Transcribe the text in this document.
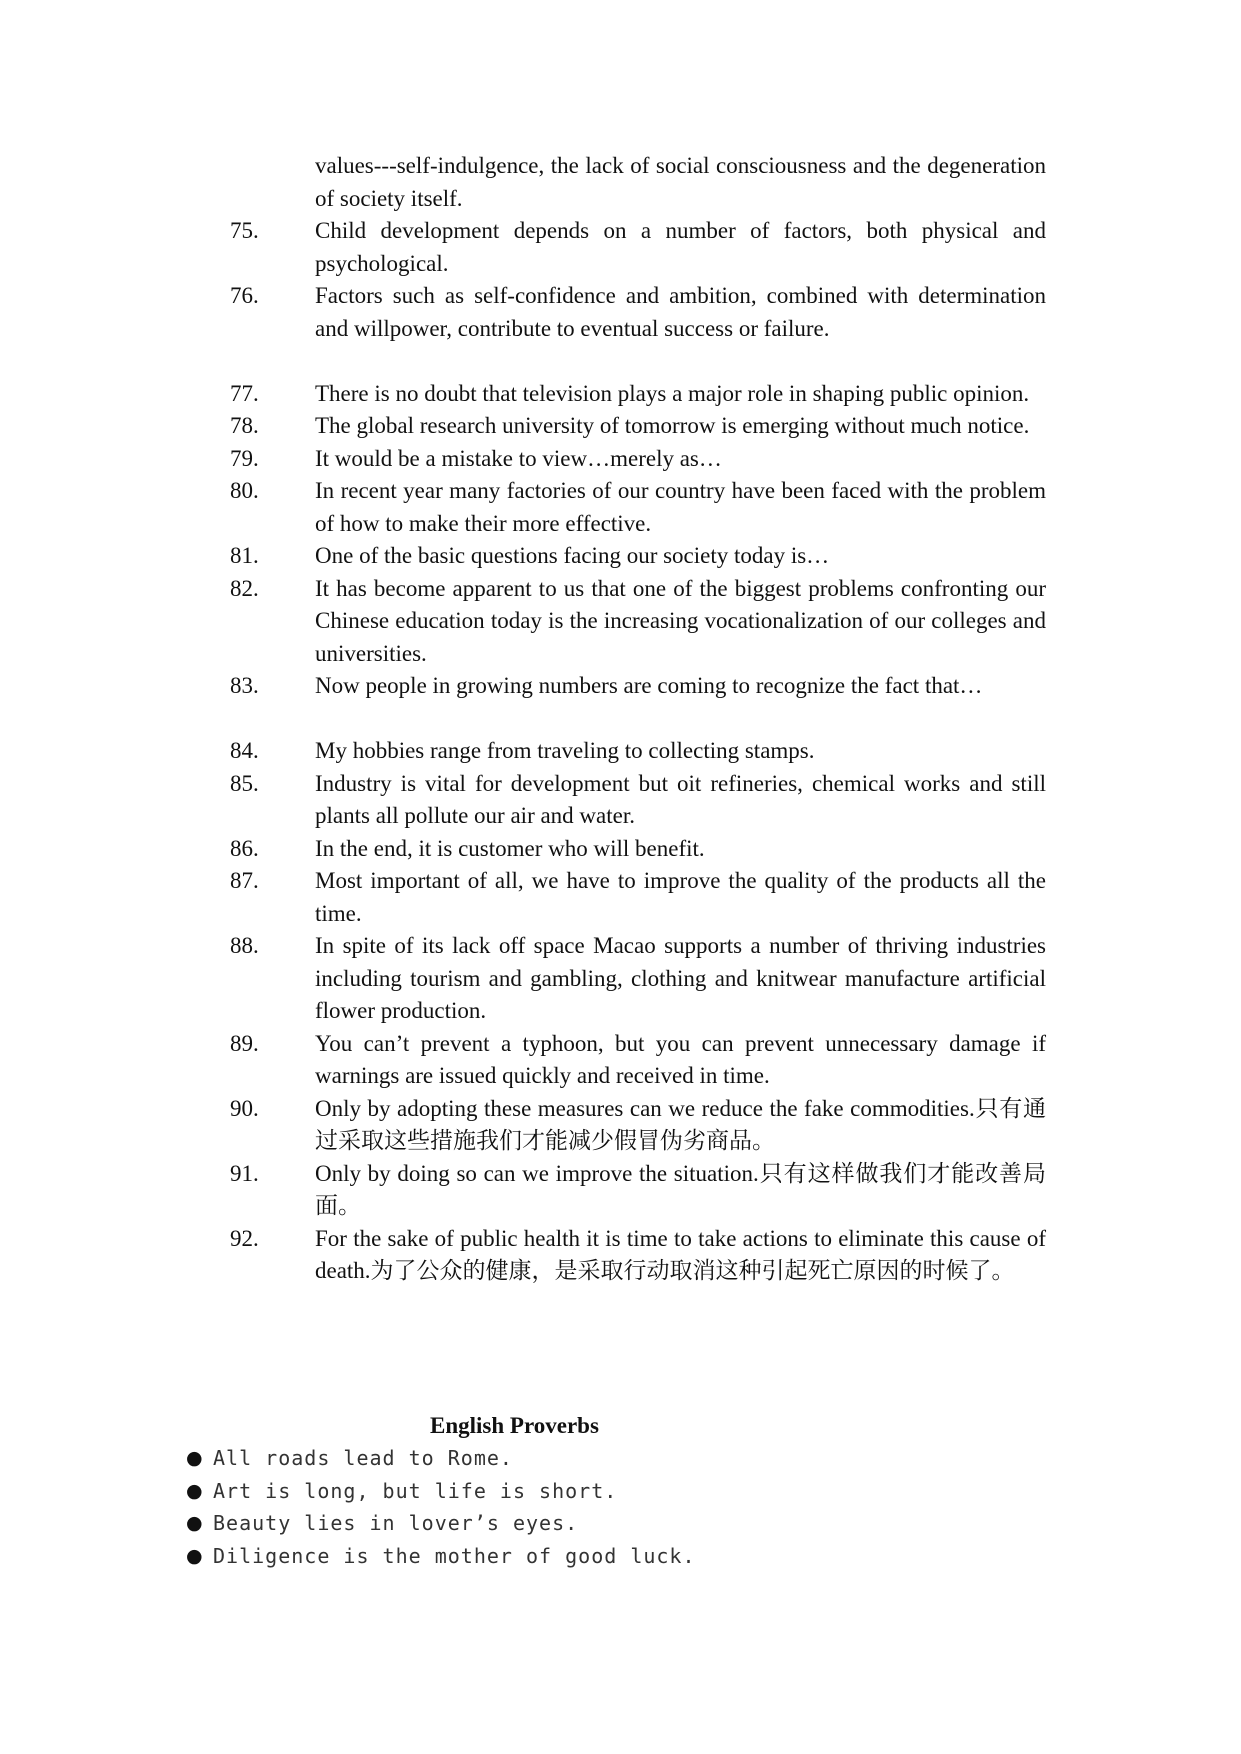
values---self-indulgence, the lack of social consciousness and the degeneration of society itself.
75.	Child development depends on a number of factors, both physical and psychological.
76.	Factors such as self-confidence and ambition, combined with determination and willpower, contribute to eventual success or failure.
77.	There is no doubt that television plays a major role in shaping public opinion.
78.	The global research university of tomorrow is emerging without much notice.
79.	It would be a mistake to view…merely as…
80.	In recent year many factories of our country have been faced with the problem of how to make their more effective.
81.	One of the basic questions facing our society today is…
82.	It has become apparent to us that one of the biggest problems confronting our Chinese education today is the increasing vocationalization of our colleges and universities.
83.	Now people in growing numbers are coming to recognize the fact that…
84.	My hobbies range from traveling to collecting stamps.
85.	Industry is vital for development but oit refineries, chemical works and still plants all pollute our air and water.
86.	In the end, it is customer who will benefit.
87.	Most important of all, we have to improve the quality of the products all the time.
88.	In spite of its lack off space Macao supports a number of thriving industries including tourism and gambling, clothing and knitwear manufacture artificial flower production.
89.	You can’t prevent a typhoon, but you can prevent unnecessary damage if warnings are issued quickly and received in time.
90.	Only by adopting these measures can we reduce the fake commodities.只有通过采取这些措施我们才能减少假冒伪劣商品。
91.	Only by doing so can we improve the situation.只有这样做我们才能改善局面。
92.	For the sake of public health it is time to take actions to eliminate this cause of death.为了公众的健康，是采取行动取消这种引起死亡原因的时候了。
English Proverbs
● All roads lead to Rome.
● Art is long, but life is short.
● Beauty lies in lover’s eyes.
● Diligence is the mother of good luck.
